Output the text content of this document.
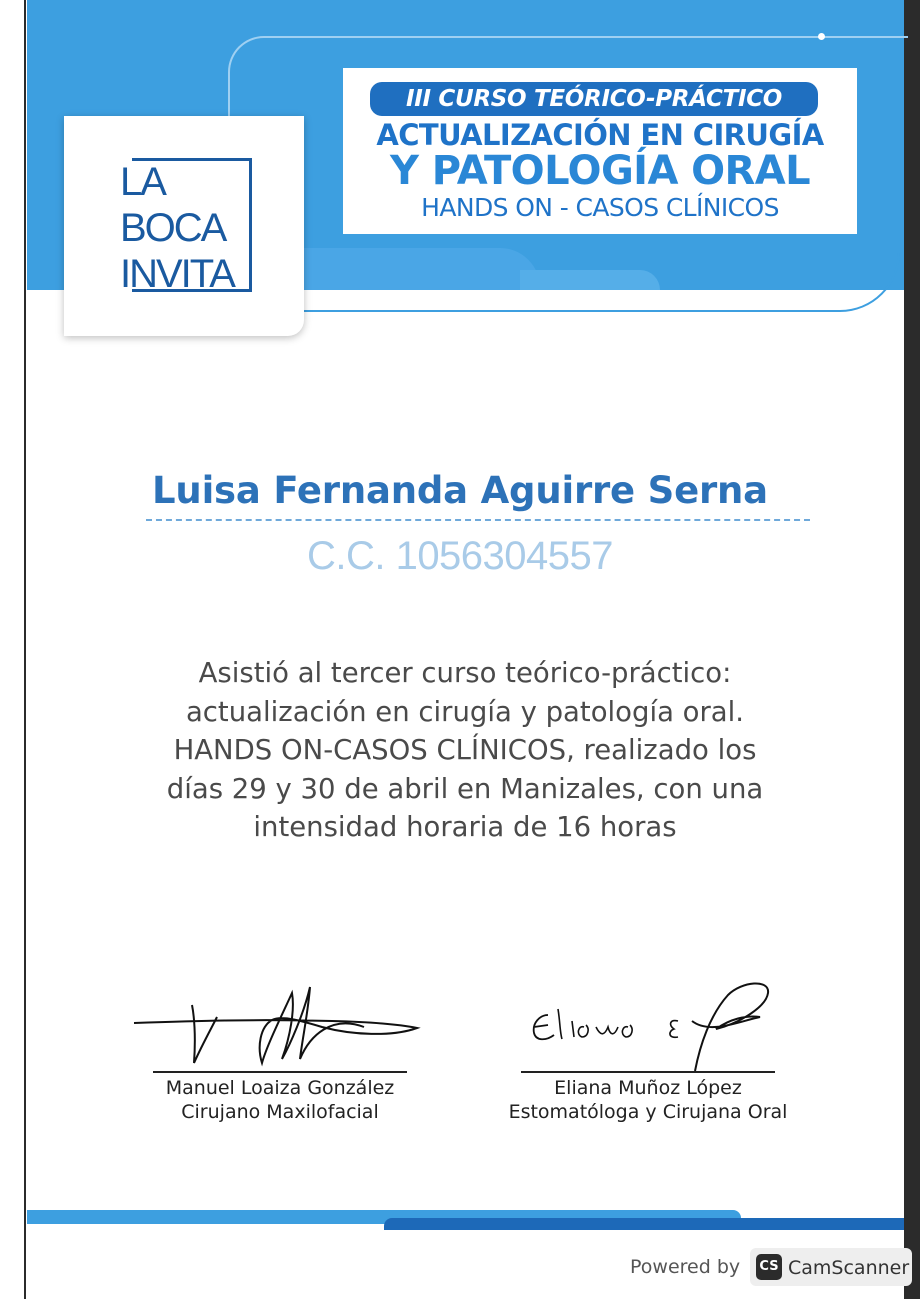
III CURSO TEÓRICO-PRÁCTICO
ACTUALIZACIÓN EN CIRUGÍA
Y PATOLOGÍA ORAL
HANDS ON - CASOS CLÍNICOS
LA
BOCA
INVITA
Luisa Fernanda Aguirre Serna
C.C. 1056304557
Asistió al tercer curso teórico-práctico:
actualización en cirugía y patología oral.
HANDS ON-CASOS CLÍNICOS, realizado los
días 29 y 30 de abril en Manizales, con una
intensidad horaria de 16 horas
Manuel Loaiza González
Cirujano Maxilofacial
Eliana Muñoz López
Estomatóloga y Cirujana Oral
Powered by CS CamScanner
